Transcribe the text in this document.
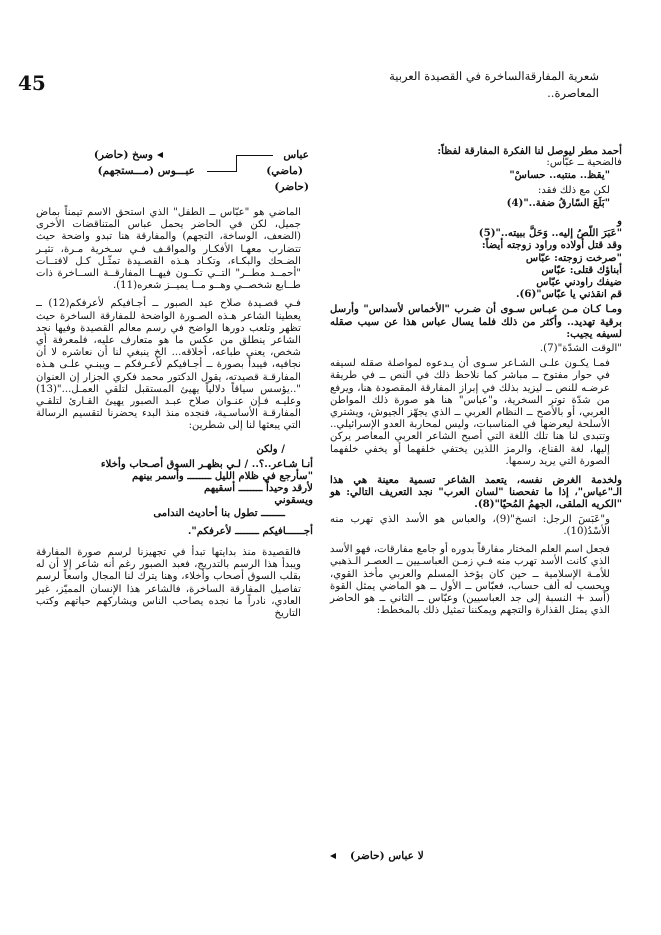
45	شعرية المفارقةالساخرة في القصيدة العربية
المعاصرة..

أحمد مطر ليوصل لنا الفكرة المفارقة لفظاً:

فالضحية ــ عبّاس:

"يقظ.. منتبه.. حساسْ"

لكن مع ذلك فقد:

"بَلَعَ السّارقُ ضفة.."(4)

و

"عَبَرَ اللّصُ إليه.. وَحَلَّ ببيته.."(5)

وقد قتل أولاده وراود زوجته أيضاً:

"صرخت زوجته: عبّاس

أبناؤك قتلى: عبّاس

ضيفك راودني عبّاس

قم انقذني يا عبّاس"(6).

ومـا كـان مـن عبـاس سـوى أن ضـرب "الأخماس لأسداس" وأرسل برقية تهديد.. وأكثر من ذلك فلما يسال عباس هذا عن سبب صقله لسيفه يجيب:

"الوقت الشدّة"(7).

فمـا يكـون علـى الشـاعر سـوى أن يـدعوه لمواصلة صقله لسيفه في حوار مفتوح ــ مباشر كما نلاحظ ذلك في النص ــ في طريقة عرضـه للنص ــ ليزيد بذلك في إبراز المفارقة المقصودة هنا، ويرفع من شدّة توتر السخرية، و"عباس" هنا هو صورة ذلك المواطن العربي، أو بالأصح ــ النظام العربي ــ الذي يجهّز الجيوش، ويشتري الأسلحة ليعرضها في المناسبات، وليس لمحاربة العدو الإسرائيلي.. وتتبدى لنا هنا تلك اللغة التي أصبح الشاعر العربي المعاصر يركن إليها، لغة القناع، والرمز اللذين يختفي خلفهما أو يخفي خلفهما الصورة التي يريد رسمها.

ولخدمة الغرض نفسه، يتعمد الشاعر تسمية معينة هي هذا الـ"عباس"، إذا ما تفحصنا "لسان العرب" نجد التعريف التالي: هو "الكريه الملقى، الجهمُ المُحيّا"(8).

و"عَبَسَ الرجل: اتسخ"(9)، والعباس هو الأسد الذي تهرب منه الأسْدُ(10).

فجعل اسم العلم المختار مفارقاً بدوره أو جامع مفارقات، فهو الأسد الذي كانت الأسد تهرب منه فـي زمـن العباسـيين ــ العصـر الـذهبي للأمـة الإسلامية ــ حين كان يؤخذ المسلم والعربي مأخذ القوي، ويحسب له ألف حساب، فعبّاس ــ الأول ــ هو الماضي يمثل القوة (أسد + النسبة إلى جد العباسيين) وعبّاس ــ الثاني ــ هو الحاضر الذي يمثل القذارة والتجهم ويمكننا تمثيل ذلك بالمخطط:

عباس
وسخ (حاضر)
(ماضي)
عبـــوس (مـــستجهم)
(حاضر)

الماضي هو "عبّاس ــ الطفل" الذي استحق الاسم تيمناً بماض جميل، لكن في الحاضر يحمل عباس المتناقضات الأخرى (الضعف، الوساخة، التجهم) والمفارقة هنا تبدو واضحة حيث تتضارب معهـا الأفكـار والمواقـف فـي سـخرية مـرة، تثيـر الضـحك والبكـاء، وتكـاد هـذه القصـيدة تمثّـل كـل لافتــات "أحمــد مطــر" التــي تكــون فيهــا المفارقــة الســاخرة ذات طــابع شخصــي وهــو مــا يميــز شعره(11).

فـي قصـيدة صلاح عيد الصبور ــ أجـافيكم لأعرفكم(12) ــ يعطينا الشاعر هـذه الصـورة الواضحة للمفارقة الساخرة حيث تظهر وتلعب دورها الواضح في رسم معالم القصيدة وفيها نجد الشاعر ينطلق من عكس ما هو متعارف عليه، فلمعرفة أي شخص، يعني طباعه، أخلاقه... الخ ينبغي لنا أن نعاشره لا أن نجافيه، فيبدأ بصورة ــ أجـافيكم لأعـرفكم ــ ويبنـي علـى هـذه المفارقـة قصيدته، يقول الدكتور محمد فكري الجزار إن العنوان "..يؤسس سياقاً دلالياً يهيئ المستقبل لتلقي العمـل..."(13) وعليـه فـإن عنـوان صلاح عبـد الصبور يهيئ القـارئ لتلقـي المفارقـة الأساسـية، فنجده منذ البدء يحضرنا لتقسيم الرسالة التي يبعثها لنا إلى شطرين:

/ ولكن

أنـا شـاعر..؟.. / لـي بظهـر السوق أصـحاب وأخلاء

"سأرجع في ظلام الليل ــــــــ وأسمر بينهم

لأرقد وحيداً ــــــــ أسقيهم

ويسقوني

ــــــــ تطول بنا أحاديث الندامى

أجــــــافيكم ــــــــ لأعرفكم".

فالقصيدة منذ بدايتها تبدأ في تجهيزنا لرسم صورة المفارقة ويبدأ هذا الرسم بالتدريج، فعبد الصبور رغم أنه شاعر إلا أن له بقلب السوق أصحاب وأخلاء، وهنا يترك لنا المجال واسعاً لرسم تفاصيل المفارقة الساخرة، فالشاعر هذا الإنسان المميّز، غير العادي، نادراً ما نجده يصاحب الناس ويشاركهم حياتهم وكتب التاريخ

لا عباس (حاضر)
